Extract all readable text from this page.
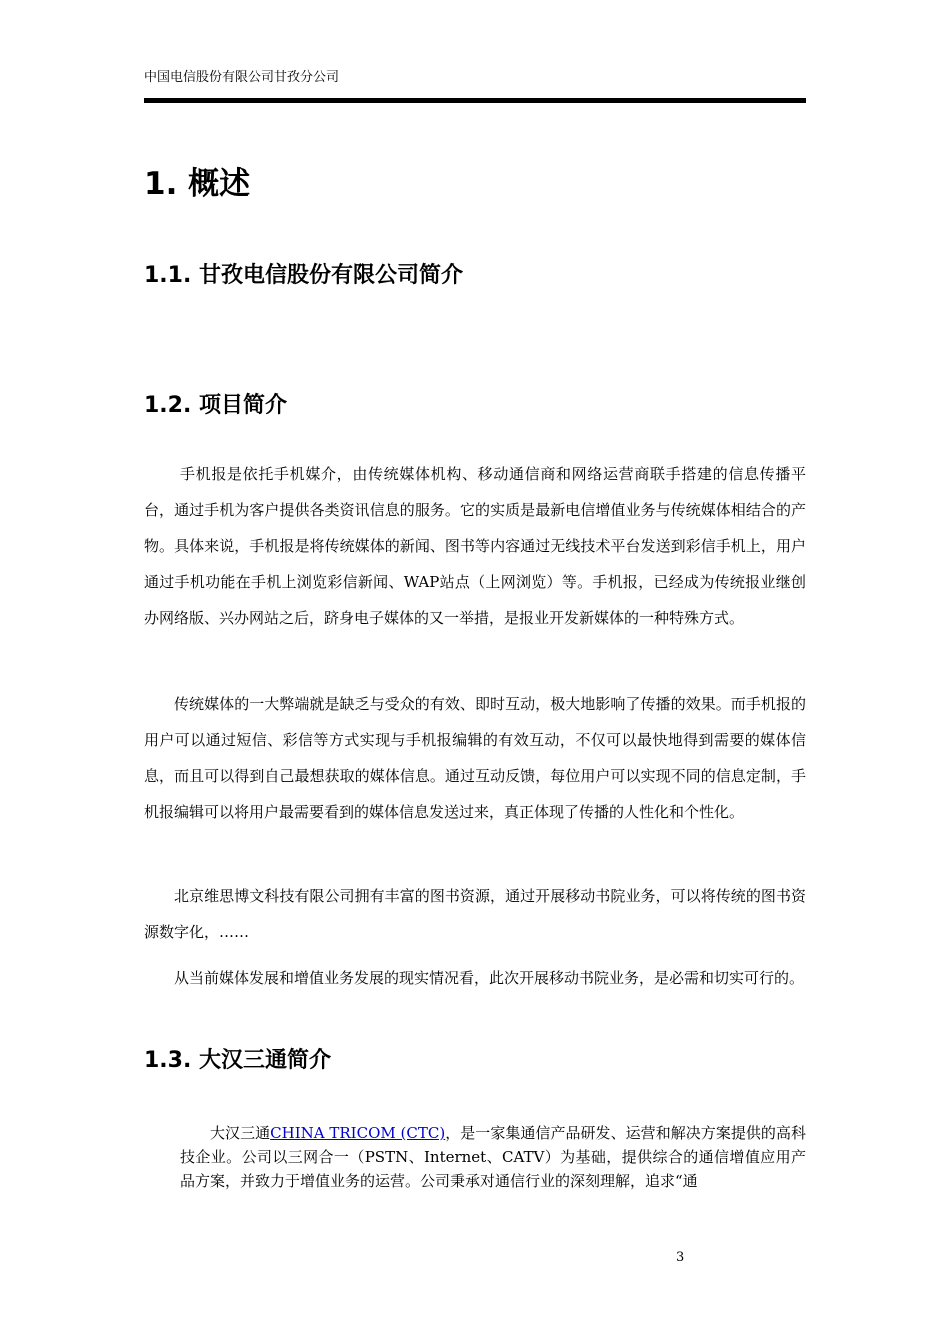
中国电信股份有限公司甘孜分公司
1. 概述
1.1. 甘孜电信股份有限公司简介
1.2. 项目简介
手机报是依托手机媒介，由传统媒体机构、移动通信商和网络运营商联手搭建的信息传播平台，通过手机为客户提供各类资讯信息的服务。它的实质是最新电信增值业务与传统媒体相结合的产物。具体来说，手机报是将传统媒体的新闻、图书等内容通过无线技术平台发送到彩信手机上，用户通过手机功能在手机上浏览彩信新闻、WAP站点（上网浏览）等。手机报，已经成为传统报业继创办网络版、兴办网站之后，跻身电子媒体的又一举措，是报业开发新媒体的一种特殊方式。
传统媒体的一大弊端就是缺乏与受众的有效、即时互动，极大地影响了传播的效果。而手机报的用户可以通过短信、彩信等方式实现与手机报编辑的有效互动，不仅可以最快地得到需要的媒体信息，而且可以得到自己最想获取的媒体信息。通过互动反馈，每位用户可以实现不同的信息定制，手机报编辑可以将用户最需要看到的媒体信息发送过来，真正体现了传播的人性化和个性化。
北京维思博文科技有限公司拥有丰富的图书资源，通过开展移动书院业务，可以将传统的图书资源数字化，……
从当前媒体发展和增值业务发展的现实情况看，此次开展移动书院业务，是必需和切实可行的。
1.3. 大汉三通简介
大汉三通CHINA TRICOM (CTC)，是一家集通信产品研发、运营和解决方案提供的高科技企业。公司以三网合一（PSTN、Internet、CATV）为基础，提供综合的通信增值应用产品方案，并致力于增值业务的运营。公司秉承对通信行业的深刻理解，追求“通
3
